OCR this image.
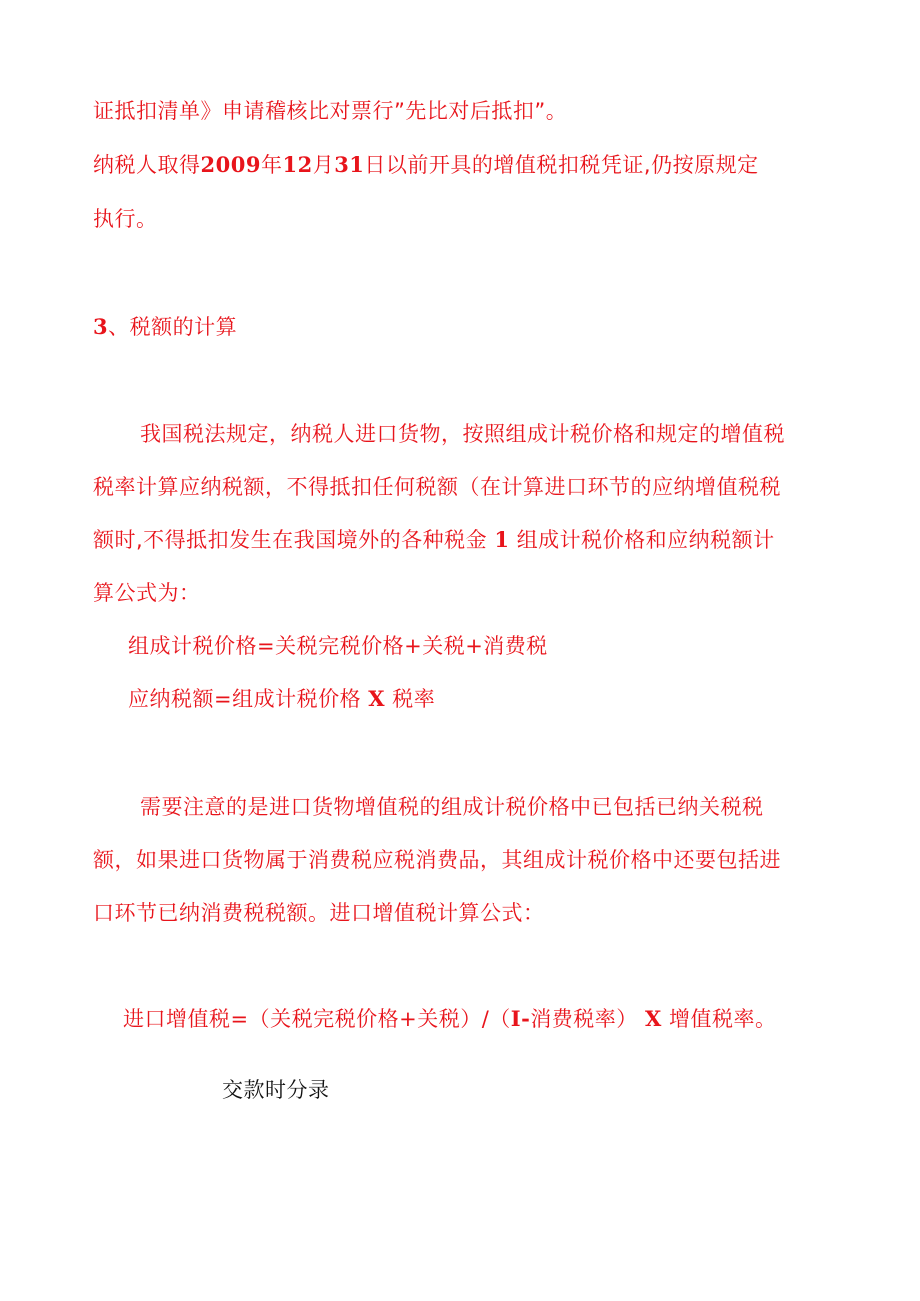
证抵扣清单》申请稽核比对票行”先比对后抵扣”。
纳税人取得2009年12月31日以前开具的增值税扣税凭证,仍按原规定
执行。
3、税额的计算
我国税法规定，纳税人进口货物，按照组成计税价格和规定的增值税
税率计算应纳税额，不得抵扣任何税额（在计算进口环节的应纳增值税税
额时,不得抵扣发生在我国境外的各种税金 1 组成计税价格和应纳税额计
算公式为：
组成计税价格=关税完税价格+关税+消费税
应纳税额=组成计税价格 X 税率
需要注意的是进口货物增值税的组成计税价格中已包括已纳关税税
额，如果进口货物属于消费税应税消费品，其组成计税价格中还要包括进
口环节已纳消费税税额。进口增值税计算公式：
进口增值税=（关税完税价格+关税）/（I-消费税率） X 增值税率。
交款时分录
